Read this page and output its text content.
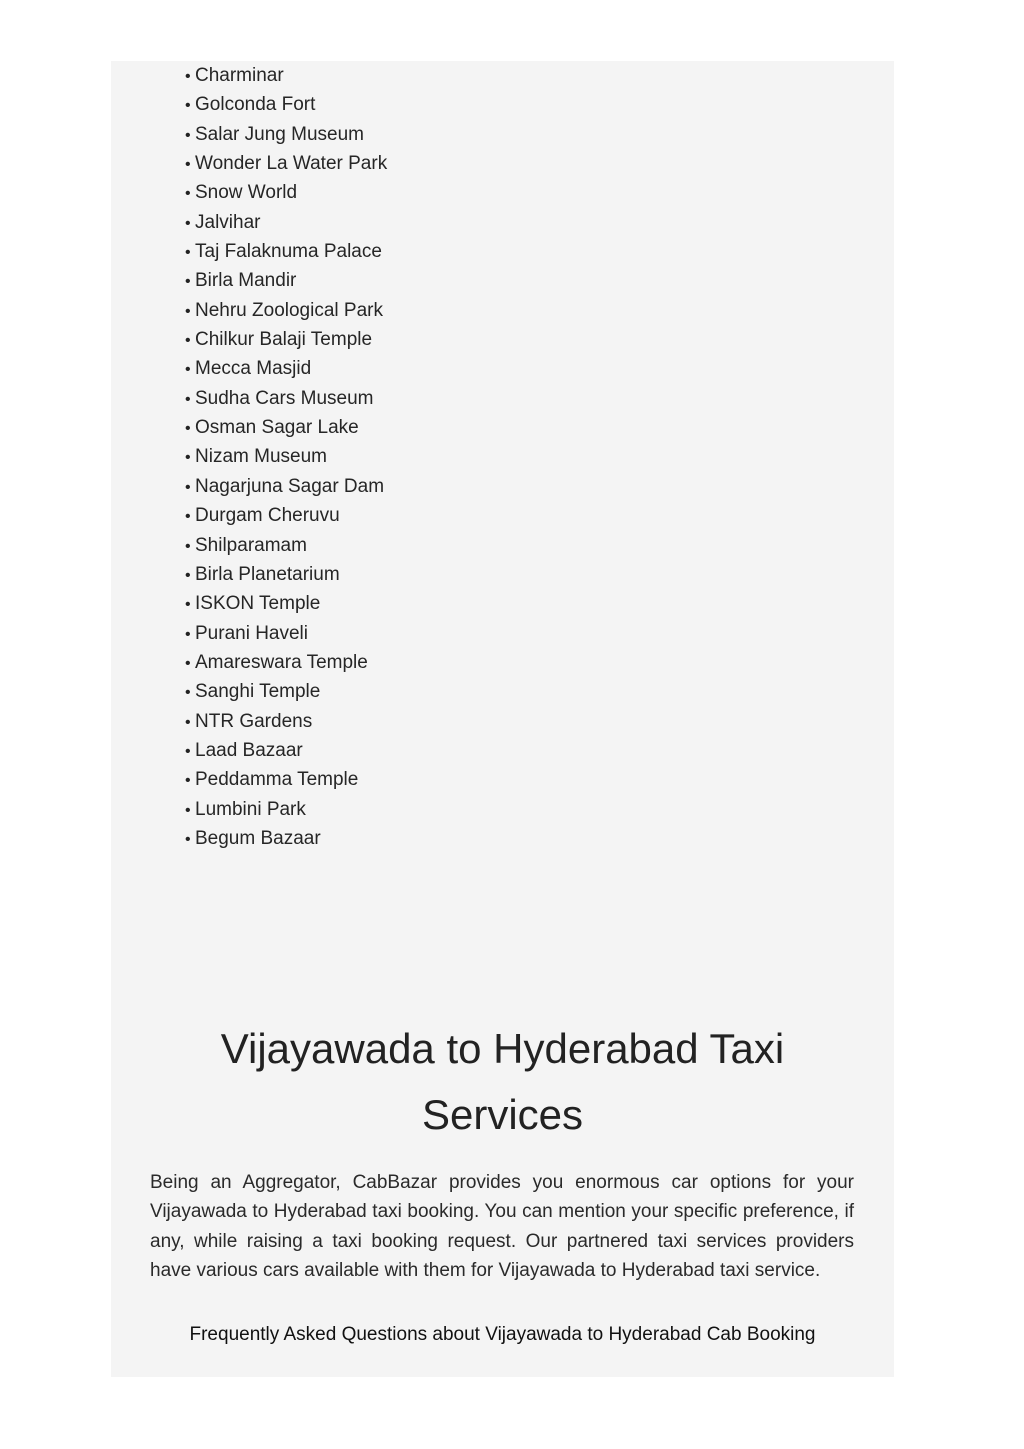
• Charminar
• Golconda Fort
• Salar Jung Museum
• Wonder La Water Park
• Snow World
• Jalvihar
• Taj Falaknuma Palace
• Birla Mandir
• Nehru Zoological Park
• Chilkur Balaji Temple
• Mecca Masjid
• Sudha Cars Museum
• Osman Sagar Lake
• Nizam Museum
• Nagarjuna Sagar Dam
• Durgam Cheruvu
• Shilparamam
• Birla Planetarium
• ISKON Temple
• Purani Haveli
• Amareswara Temple
• Sanghi Temple
• NTR Gardens
• Laad Bazaar
• Peddamma Temple
• Lumbini Park
• Begum Bazaar
Vijayawada to Hyderabad Taxi
Services

Being an Aggregator, CabBazar provides you enormous car options for your Vijayawada to Hyderabad taxi booking. You can mention your specific preference, if any, while raising a taxi booking request. Our partnered taxi services providers have various cars available with them for Vijayawada to Hyderabad taxi service.

Frequently Asked Questions about Vijayawada to Hyderabad Cab Booking
